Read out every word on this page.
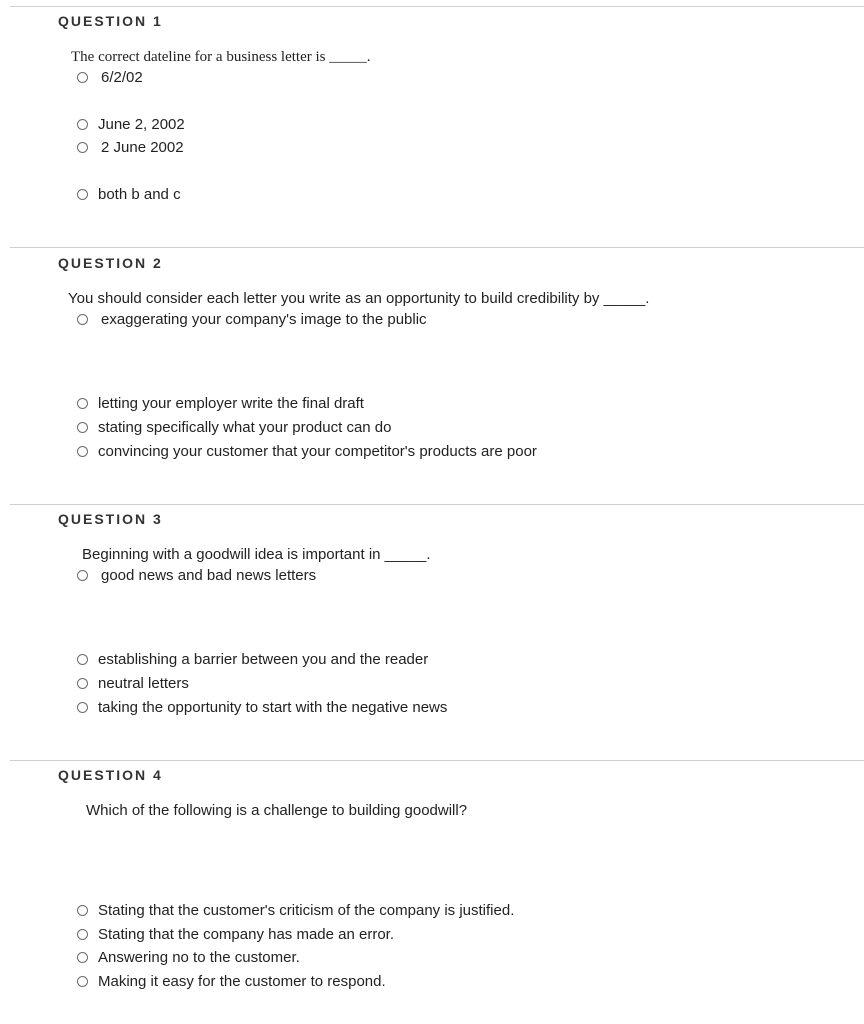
QUESTION 1
The correct dateline for a business letter is _____.
6/2/02
June 2, 2002
2 June 2002
both b and c
QUESTION 2
You should consider each letter you write as an opportunity to build credibility by _____.
exaggerating your company's image to the public
letting your employer write the final draft
stating specifically what your product can do
convincing your customer that your competitor's products are poor
QUESTION 3
Beginning with a goodwill idea is important in _____.
good news and bad news letters
establishing a barrier between you and the reader
neutral letters
taking the opportunity to start with the negative news
QUESTION 4
Which of the following is a challenge to building goodwill?
Stating that the customer's criticism of the company is justified.
Stating that the company has made an error.
Answering no to the customer.
Making it easy for the customer to respond.
